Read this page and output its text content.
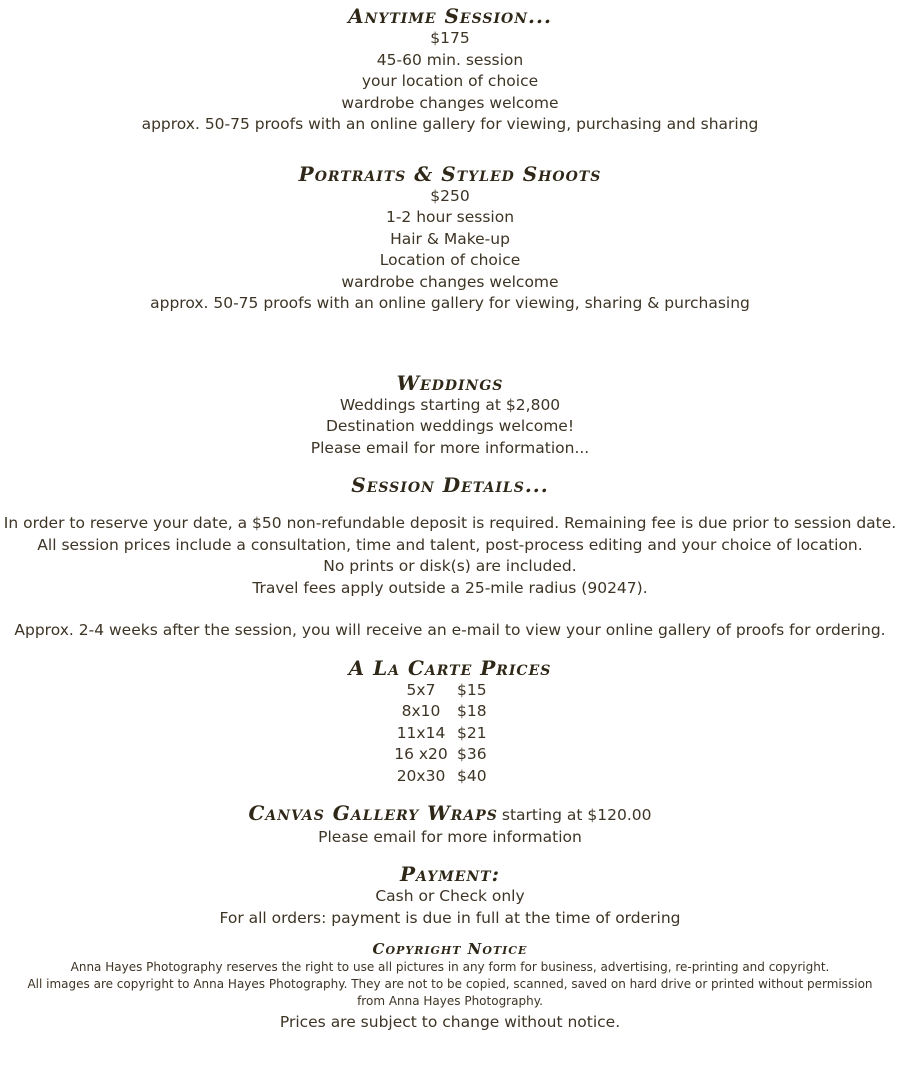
Anytime Session...
$175
45-60 min. session
your location of choice
wardrobe changes welcome
approx. 50-75 proofs with an online gallery for viewing, purchasing and sharing
Portraits & Styled Shoots
$250
1-2 hour session
Hair & Make-up
Location of choice
wardrobe changes welcome
approx. 50-75 proofs with an online gallery for viewing, sharing & purchasing
Weddings
Weddings starting at $2,800
Destination weddings welcome!
Please email for more information...
Session Details...
In order to reserve your date, a $50 non-refundable deposit is required. Remaining fee is due prior to session date.
All session prices include a consultation, time and talent, post-process editing and your choice of location.
No prints or disk(s) are included.
Travel fees apply outside a 25-mile radius (90247).
Approx. 2-4 weeks after the session, you will receive an e-mail to view your online gallery of proofs for ordering.
A La Carte Prices
5x7	$15
8x10	$18
11x14 $21
16 x20 $36
20x30 $40
Canvas Gallery Wraps starting at $120.00
Please email for more information
Payment:
Cash or Check only
For all orders: payment is due in full at the time of ordering
Copyright Notice
Anna Hayes Photography reserves the right to use all pictures in any form for business, advertising, re-printing and copyright.
All images are copyright to Anna Hayes Photography. They are not to be copied, scanned, saved on hard drive or printed without permission from Anna Hayes Photography.
Prices are subject to change without notice.
